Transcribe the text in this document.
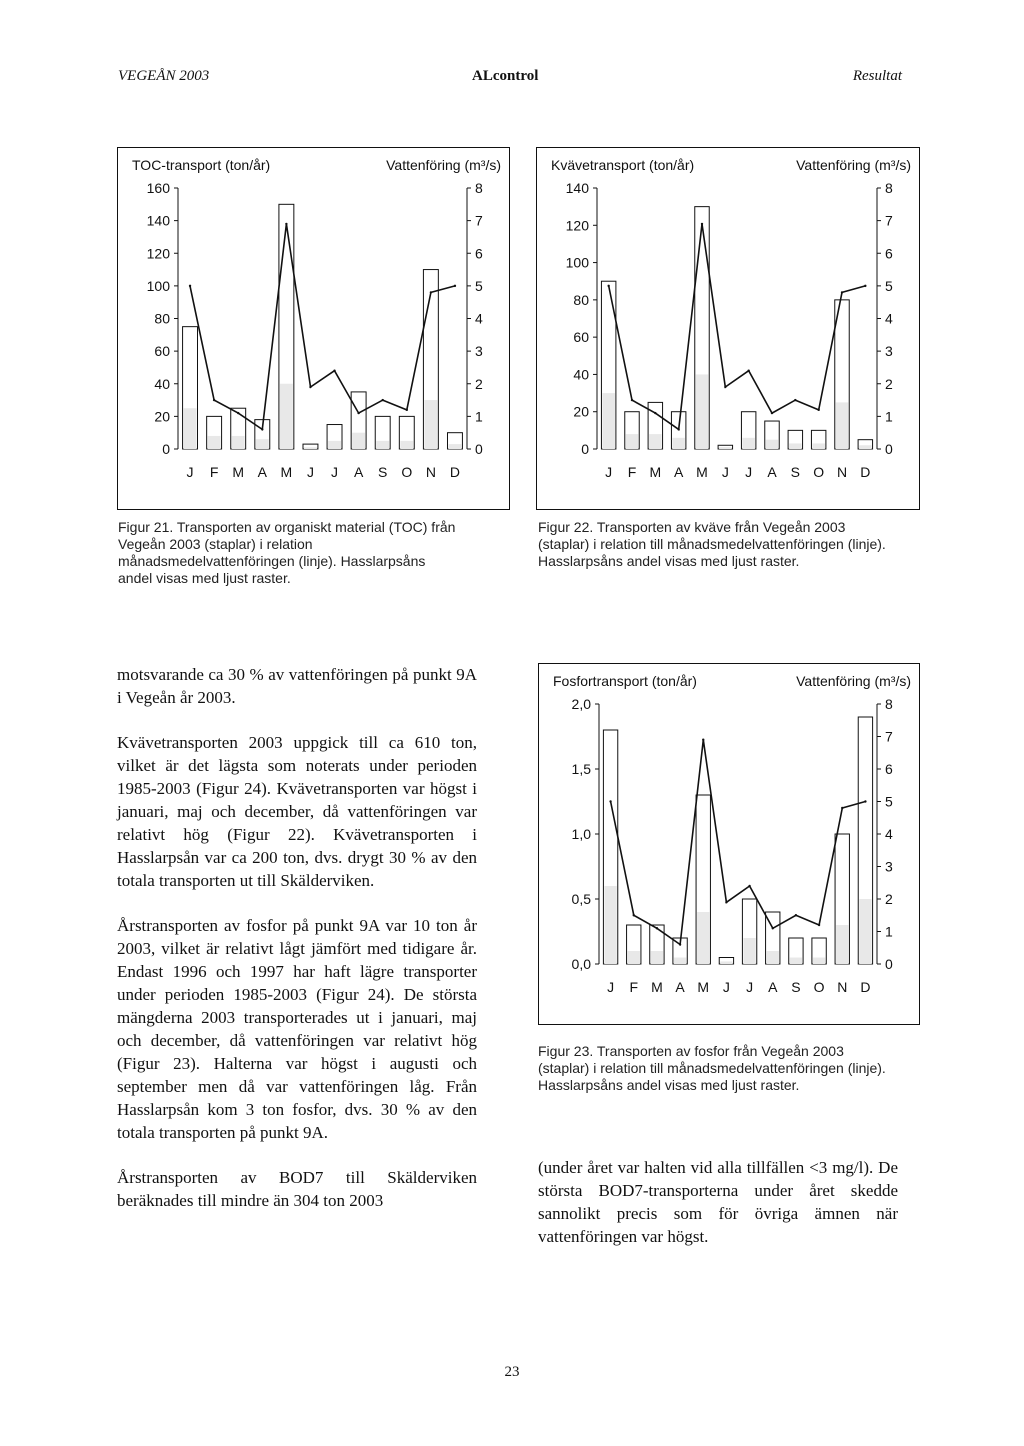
VEGEÅN 2003	ALcontrol	Resultat
TOC-transport (ton/år)	Vattenföring (m³/s)
0
20
40
60
80
100
120
140
160
0
1
2
3
4
5
6
7
8
J F M A M J J A S O N D
Figur 21. Transporten av organiskt material (TOC) från Vegeån 2003 (staplar) i relation månadsmedelvattenföringen (linje). Hasslarpsåns andel visas med ljust raster.
Kvävetransport (ton/år)	Vattenföring (m³/s)
0
20
40
60
80
100
120
140
0
1
2
3
4
5
6
7
8
J F M A M J J A S O N D
Figur 22. Transporten av kväve från Vegeån 2003 (staplar) i relation till månadsmedelvattenföringen (linje). Hasslarpsåns andel visas med ljust raster.

motsvarande ca 30 % av vattenföringen på punkt 9A i Vegeån år 2003.

Kvävetransporten 2003 uppgick till ca 610 ton, vilket är det lägsta som noterats under perioden 1985-2003 (Figur 24). Kvävetransporten var högst i januari, maj och december, då vattenföringen var relativt hög (Figur 22). Kvävetransporten i Hasslarpsån var ca 200 ton, dvs. drygt 30 % av den totala transporten ut till Skälderviken.

Årstransporten av fosfor på punkt 9A var 10 ton år 2003, vilket är relativt lågt jämfört med tidigare år. Endast 1996 och 1997 har haft lägre transporter under perioden 1985-2003 (Figur 24). De största mängderna 2003 transporterades ut i januari, maj och december, då vattenföringen var relativt hög (Figur 23). Halterna var högst i augusti och september men då var vattenföringen låg. Från Hasslarpsån kom 3 ton fosfor, dvs. 30 % av den totala transporten på punkt 9A.

Årstransporten av BOD7 till Skälderviken beräknades till mindre än 304 ton 2003

Fosfortransport (ton/år)	Vattenföring (m³/s)
0,0
0,5
1,0
1,5
2,0
0
1
2
3
4
5
6
7
8
J F M A M J J A S O N D
Figur 23. Transporten av fosfor från Vegeån 2003 (staplar) i relation till månadsmedelvattenföringen (linje). Hasslarpsåns andel visas med ljust raster.
(under året var halten vid alla tillfällen <3 mg/l). De största BOD7-transporterna under året skedde sannolikt precis som för övriga ämnen när vattenföringen var högst.
23
